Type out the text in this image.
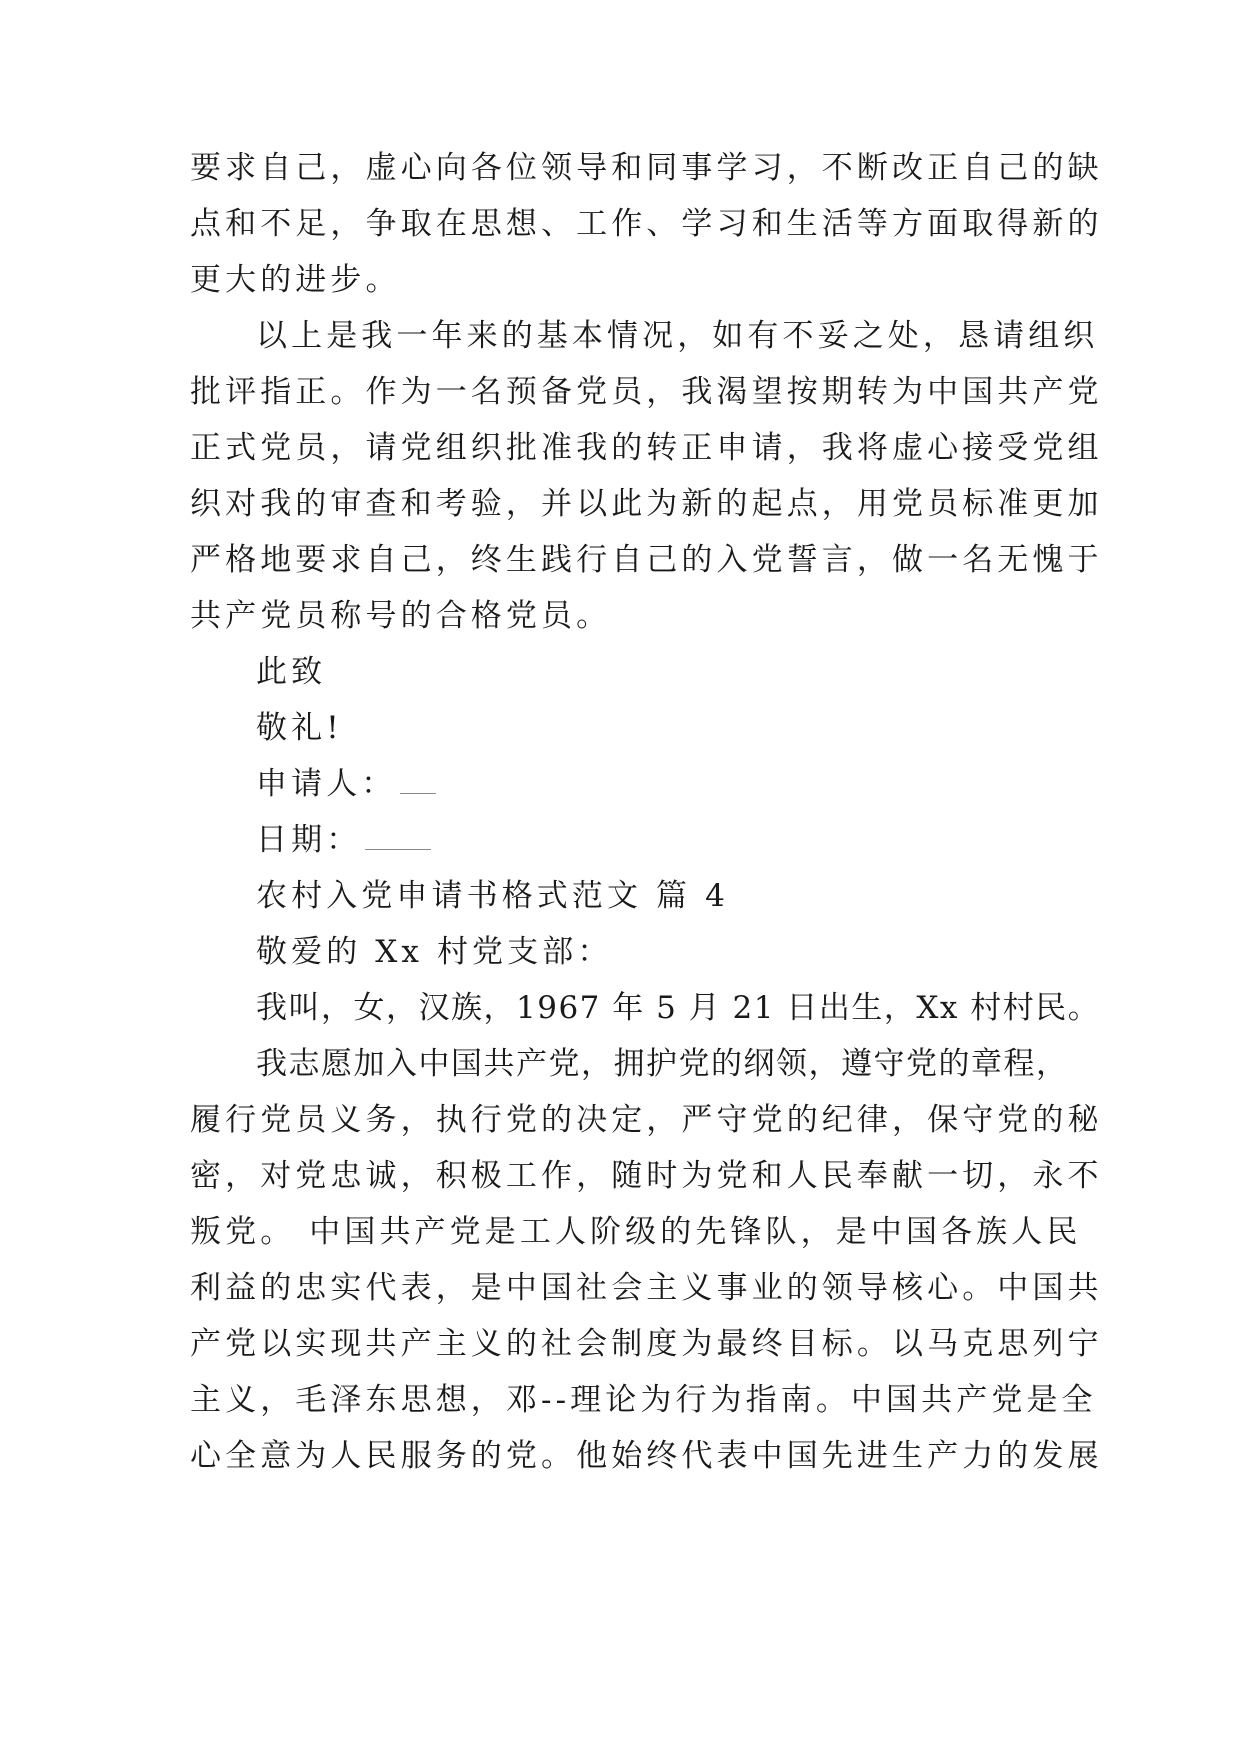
要求自己，虚心向各位领导和同事学习，不断改正自己的缺
点和不足，争取在思想、工作、学习和生活等方面取得新的
更大的进步。
以上是我一年来的基本情况，如有不妥之处，恳请组织
批评指正。作为一名预备党员，我渴望按期转为中国共产党
正式党员，请党组织批准我的转正申请，我将虚心接受党组
织对我的审查和考验，并以此为新的起点，用党员标准更加
严格地要求自己，终生践行自己的入党誓言，做一名无愧于
共产党员称号的合格党员。
此致
敬礼!
申请人：
日期：
农村入党申请书格式范文 篇 4
敬爱的 Xx 村党支部：
我叫，女，汉族，1967 年 5 月 21 日出生，Xx 村村民。
我志愿加入中国共产党，拥护党的纲领，遵守党的章程，
履行党员义务，执行党的决定，严守党的纪律，保守党的秘
密，对党忠诚，积极工作，随时为党和人民奉献一切，永不
叛党。 中国共产党是工人阶级的先锋队，是中国各族人民
利益的忠实代表，是中国社会主义事业的领导核心。中国共
产党以实现共产主义的社会制度为最终目标。以马克思列宁
主义，毛泽东思想，邓--理论为行为指南。中国共产党是全
心全意为人民服务的党。他始终代表中国先进生产力的发展
